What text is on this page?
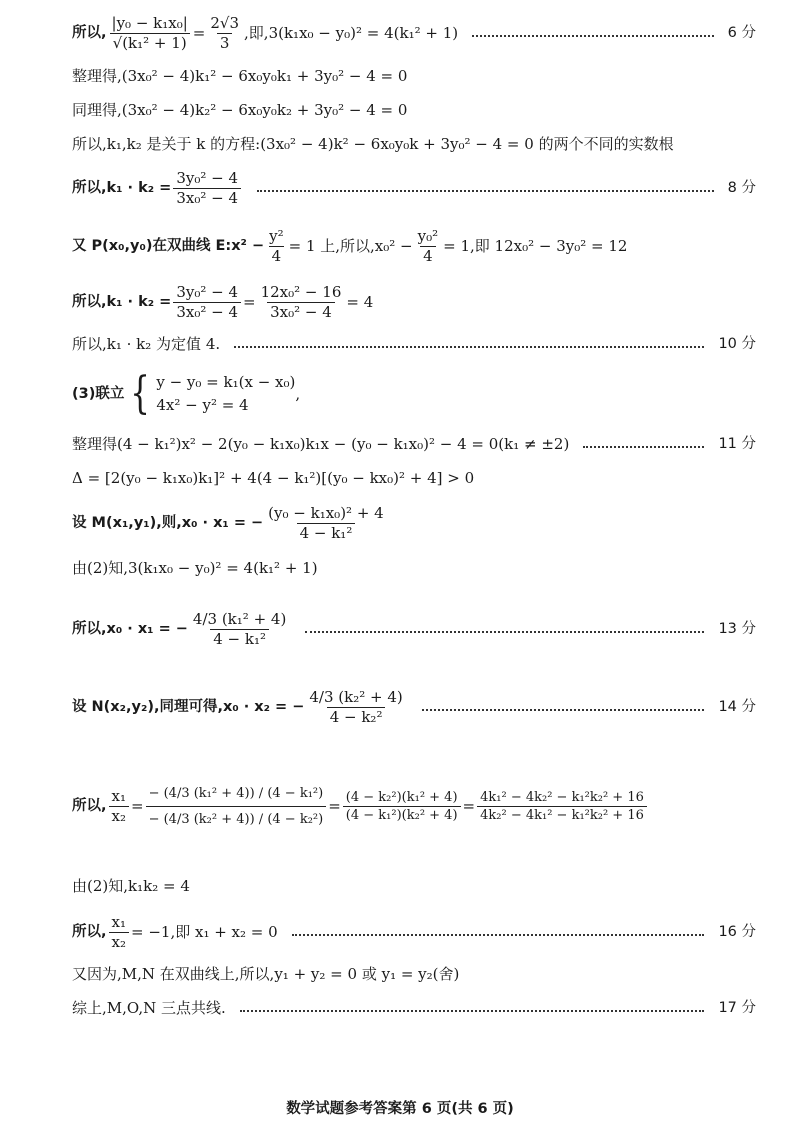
所以, $\frac{\text{|y₀ − k₁x₀|}}{\text{√(k₁² + 1)}} = \frac{2√3}{3}$ ,即,3(k₁x₀ − y₀)² = 4(k₁² + 1)	6 分
整理得,(3x₀² − 4)k₁² − 6x₀y₀k₁ + 3y₀² − 4 = 0
同理得,(3x₀² − 4)k₂² − 6x₀y₀k₂ + 3y₀² − 4 = 0
所以,k₁,k₂ 是关于 k 的方程:(3x₀² − 4)k² − 6x₀y₀k + 3y₀² − 4 = 0 的两个不同的实数根
所以$,k_1 \cdot k_2 = \frac{\text{3y₀² − 4}}{\text{3x₀² − 4}}$	8 分
又 P(x₀,y₀)在双曲线 E:x² − $\frac{\text{y²}}{4} = 1$ 上,所以$,x_0^2 - \frac{\text{y₀²}}{4} = 1$,即 12x₀² − 3y₀² = 12
所以$,k_1 \cdot k_2 = \frac{\text{3y₀² − 4}}{\text{3x₀² − 4}} = \frac{\text{12x₀² − 16}}{\text{3x₀² − 4}} = 4$
所以,k₁ · k₂ 为定值 4.	10 分
(3)联立 { y − y₀ = k₁(x − x₀)
4x² − y² = 4
,
整理得(4 − k₁²)x² − 2(y₀ − k₁x₀)k₁x − (y₀ − k₁x₀)² − 4 = 0(k₁ ≠ ±2)	11 分
Δ = [2(y₀ − k₁x₀)k₁]² + 4(4 − k₁²)[(y₀ − kx₀)² + 4] > 0
设 M(x₁,y₁),则,x₀ · x₁ = − $\frac{\text{(y₀ − k₁x₀)² + 4}}{\text{4 − k₁²}}$
由(2)知,3(k₁x₀ − y₀)² = 4(k₁² + 1)
所以,x₀ · x₁ = − $\frac{\text{4/3 (k₁² + 4)}}{\text{4 − k₁²}}$	13 分
设 N(x₂,y₂),同理可得,x₀ · x₂ = − $\frac{\text{4/3 (k₂² + 4)}}{\text{4 − k₂²}}$	14 分
所以, $\frac{\text{x₁}}{\text{x₂}} = \frac{\text{− (4/3 (k₁² + 4)) / (4 − k₁²)}}{\text{− (4/3 (k₂² + 4)) / (4 − k₂²)}} = \frac{\text{(4 − k₂²)(k₁² + 4)}}{\text{(4 − k₁²)(k₂² + 4)}} = \frac{\text{4k₁² − 4k₂² − k₁²k₂² + 16}}{\text{4k₂² − 4k₁² − k₁²k₂² + 16}}$
由(2)知,k₁k₂ = 4
所以, $\frac{\text{x₁}}{\text{x₂}} = -1$,即 x₁ + x₂ = 0	16 分
又因为,M,N 在双曲线上,所以,y₁ + y₂ = 0 或 y₁ = y₂(舍)
综上,M,O,N 三点共线.	17 分
数学试题参考答案第 6 页(共 6 页)
